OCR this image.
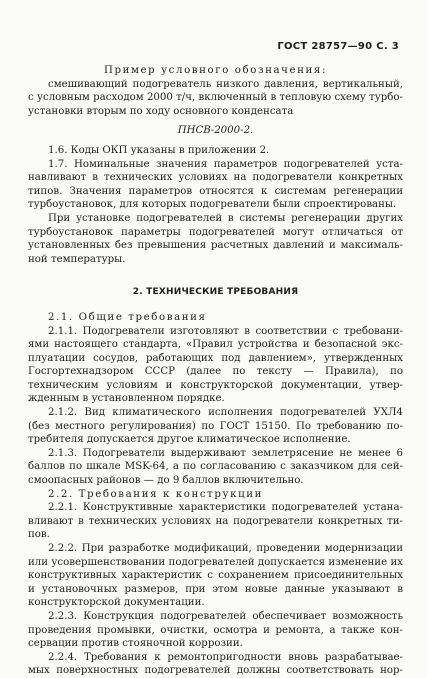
ГОСТ 28757—90 С. 3
Пример условного обозначения:
смешивающий подогреватель низкого давления, вертикальный,
с условным расходом 2000 т/ч, включенный в тепловую схему турбо-
установки вторым по ходу основного конденсата
ПНСВ-2000-2.
1.6. Коды ОКП указаны в приложении 2.
1.7. Номинальные значения параметров подогревателей уста-
навливают в технических условиях на подогреватели конкретных
типов. Значения параметров относятся к системам регенерации
турбоустановок, для которых подогреватели были спроектированы.
При установке подогревателей в системы регенерации других
турбоустановок параметры подогревателей могут отличаться от
установленных без превышения расчетных давлений и максималь-
ной температуры.
2. ТЕХНИЧЕСКИЕ ТРЕБОВАНИЯ
2.1. Общие требования
2.1.1. Подогреватели изготовляют в соответствии с требовани-
ями настоящего стандарта, «Правил устройства и безопасной экс-
плуатации сосудов, работающих под давлением», утвержденных
Госгортехнадзором СССР (далее по тексту — Правила), по
техническим условиям и конструкторской документации, утвер-
жденным в установленном порядке.
2.1.2. Вид климатического исполнения подогревателей УХЛ4
(без местного регулирования) по ГОСТ 15150. По требованию по-
требителя допускается другое климатическое исполнение.
2.1.3. Подогреватели выдерживают землетрясение не менее 6
баллов по шкале MSK-64, а по согласованию с заказчиком для сей-
смоопасных районов — до 9 баллов включительно.
2.2. Требования к конструкции
2.2.1. Конструктивные характеристики подогревателей устана-
вливают в технических условиях на подогреватели конкретных ти-
пов.
2.2.2. При разработке модификаций, проведении модернизации
или усовершенствовании подогревателей допускается изменение их
конструктивных характеристик с сохранением присоединительных
и установочных размеров, при этом новые данные указывают в
конструкторской документации.
2.2.3. Конструкция подогревателей обеспечивает возможность
проведения промывки, очистки, осмотра и ремонта, а также кон-
сервации против стояночной коррозии.
2.2.4. Требования к ремонтопригодности вновь разрабатывае-
мых поверхностных подогревателей должны соответствовать нор-
